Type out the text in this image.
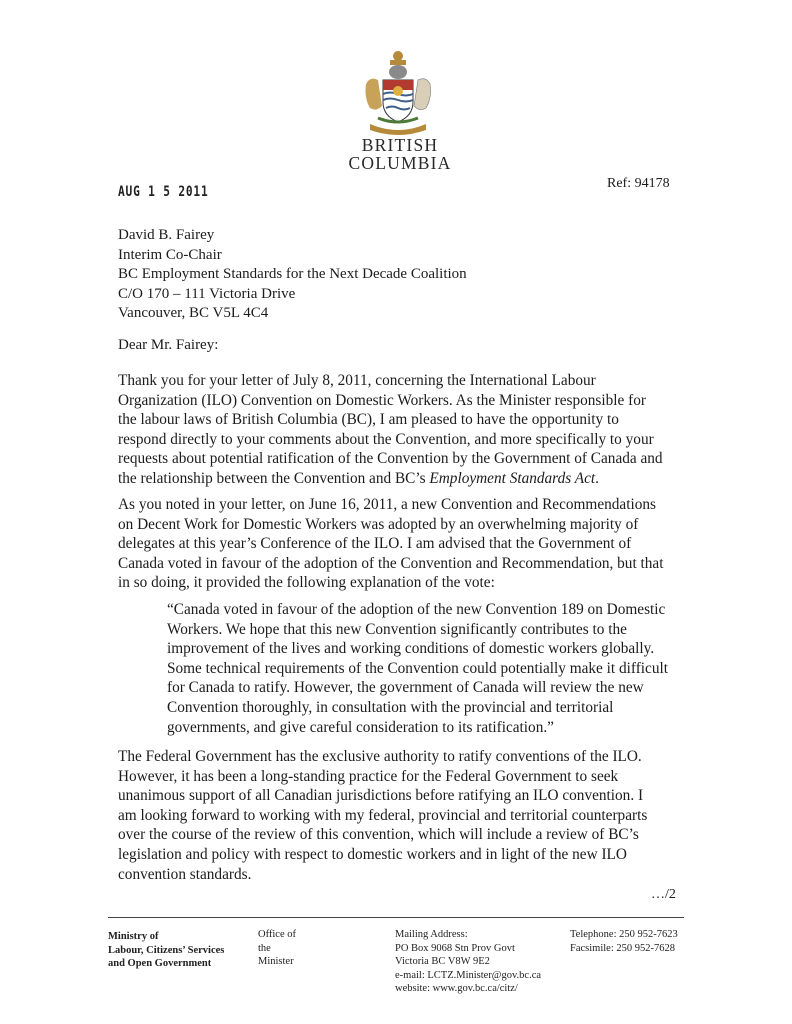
BRITISH
COLUMBIA
AUG 1 5 2011
Ref: 94178
David B. Fairey
Interim Co-Chair
BC Employment Standards for the Next Decade Coalition
C/O 170 – 111 Victoria Drive
Vancouver, BC V5L 4C4
Dear Mr. Fairey:
Thank you for your letter of July 8, 2011, concerning the International Labour
Organization (ILO) Convention on Domestic Workers. As the Minister responsible for
the labour laws of British Columbia (BC), I am pleased to have the opportunity to
respond directly to your comments about the Convention, and more specifically to your
requests about potential ratification of the Convention by the Government of Canada and
the relationship between the Convention and BC’s Employment Standards Act.
As you noted in your letter, on June 16, 2011, a new Convention and Recommendations
on Decent Work for Domestic Workers was adopted by an overwhelming majority of
delegates at this year’s Conference of the ILO. I am advised that the Government of
Canada voted in favour of the adoption of the Convention and Recommendation, but that
in so doing, it provided the following explanation of the vote:
“Canada voted in favour of the adoption of the new Convention 189 on Domestic
Workers. We hope that this new Convention significantly contributes to the
improvement of the lives and working conditions of domestic workers globally.
Some technical requirements of the Convention could potentially make it difficult
for Canada to ratify. However, the government of Canada will review the new
Convention thoroughly, in consultation with the provincial and territorial
governments, and give careful consideration to its ratification.”
The Federal Government has the exclusive authority to ratify conventions of the ILO.
However, it has been a long-standing practice for the Federal Government to seek
unanimous support of all Canadian jurisdictions before ratifying an ILO convention. I
am looking forward to working with my federal, provincial and territorial counterparts
over the course of the review of this convention, which will include a review of BC’s
legislation and policy with respect to domestic workers and in light of the new ILO
convention standards.
…/2
Ministry of
Labour, Citizens’ Services
and Open Government
Office of
the
Minister
Mailing Address:
PO Box 9068 Stn Prov Govt
Victoria BC V8W 9E2
e-mail: LCTZ.Minister@gov.bc.ca
website: www.gov.bc.ca/citz/
Telephone: 250 952-7623
Facsimile: 250 952-7628
